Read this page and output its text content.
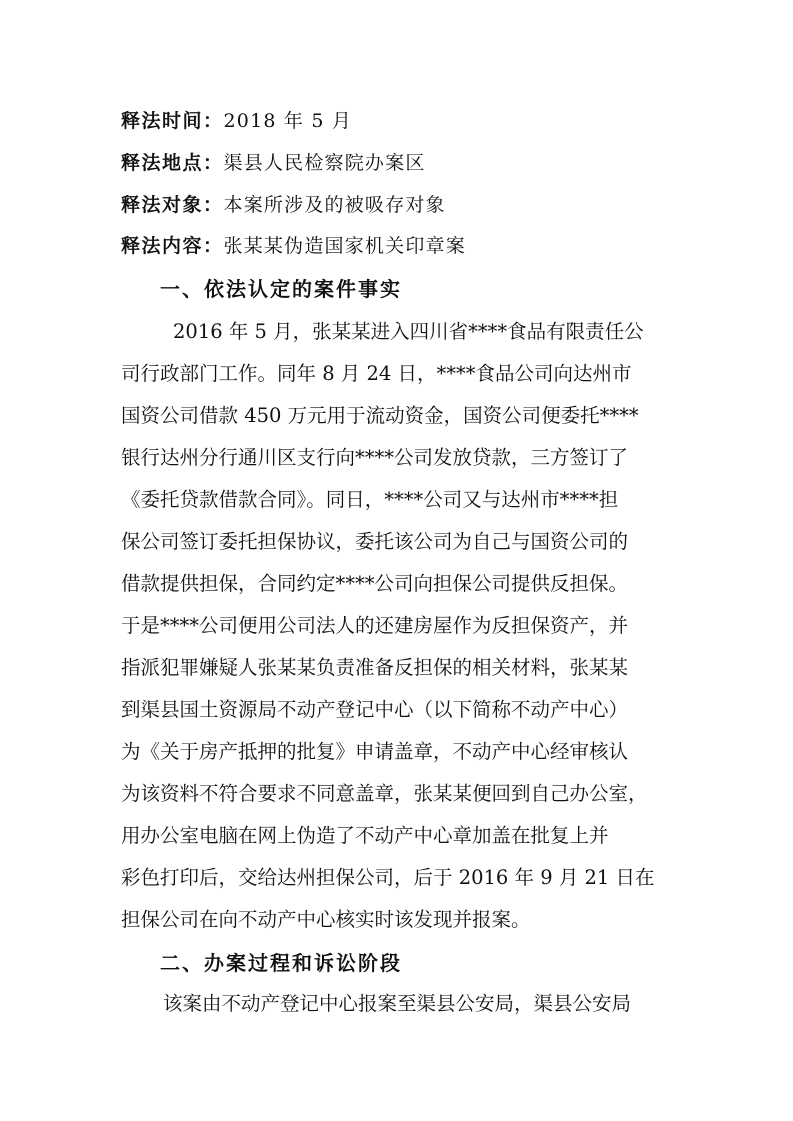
释法时间：2018 年 5 月
释法地点：渠县人民检察院办案区
释法对象：本案所涉及的被吸存对象
释法内容：张某某伪造国家机关印章案
一、依法认定的案件事实
2016 年 5 月，张某某进入四川省****食品有限责任公
司行政部门工作。同年 8 月 24 日，****食品公司向达州市
国资公司借款 450 万元用于流动资金，国资公司便委托****
银行达州分行通川区支行向****公司发放贷款，三方签订了
《委托贷款借款合同》。同日，****公司又与达州市****担
保公司签订委托担保协议，委托该公司为自己与国资公司的
借款提供担保，合同约定****公司向担保公司提供反担保。
于是****公司便用公司法人的还建房屋作为反担保资产，并
指派犯罪嫌疑人张某某负责准备反担保的相关材料，张某某
到渠县国土资源局不动产登记中心（以下简称不动产中心）
为《关于房产抵押的批复》申请盖章，不动产中心经审核认
为该资料不符合要求不同意盖章，张某某便回到自己办公室，
用办公室电脑在网上伪造了不动产中心章加盖在批复上并
彩色打印后，交给达州担保公司，后于 2016 年 9 月 21 日在
担保公司在向不动产中心核实时该发现并报案。
二、办案过程和诉讼阶段
该案由不动产登记中心报案至渠县公安局，渠县公安局
